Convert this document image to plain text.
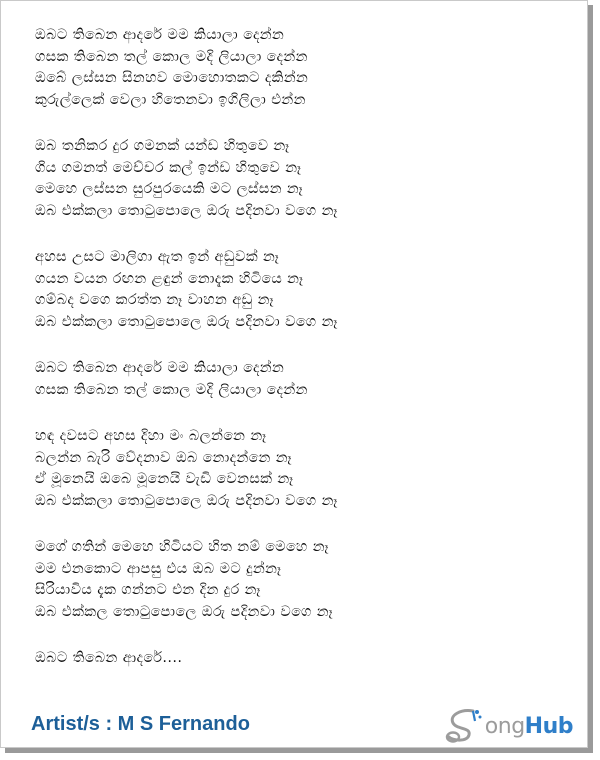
ඔබට තිබෙන ආදරේ මම කියාලා දෙන්න
ගසක තිබෙන තල් කොල මදි ලියාලා දෙන්න
ඔබේ ලස්සන සිනහව මොහොතකට දකින්න
කුරුල්ලෙක් වෙලා හිතෙනවා ඉගිලිලා එන්න
ඔබ තනිකර දුර ගමනක් යන්ඩ හිතුවෙ නෑ
ගිය ගමනත් මෙච්චර කල් ඉන්ඩ හිතුවෙ නෑ
මෙහෙ ලස්සන සුරපුරයෙකි මට ලස්සන නෑ
ඔබ එක්කලා තොටුපොලෙ ඔරු පදිනවා වගෙ නෑ
අහස උසට මාලිගා ඇත ඉන් අඩුවක් නෑ
ගයන වයන රඟන ළඳුන් නොදැක හිටියෙ නෑ
ගම්බද වගෙ කරත්ත නෑ වාහන අඩු නෑ
ඔබ එක්කලා තොටුපොලෙ ඔරු පදිනවා වගෙ නෑ
ඔබට තිබෙන ආදරේ මම කියාලා දෙන්න
ගසක තිබෙන තල් කොල මදි ලියාලා දෙන්න
හඳ දවසට අහස දිහා මං බලන්නෙ නෑ
බලන්න බැරි වේදනාව ඔබ නොදන්නෙ නෑ
ඒ මූනෙයි ඔබෙ මූනෙයි වැඩි වෙනසක් නෑ
ඔබ එක්කලා තොටුපොලෙ ඔරු පදිනවා වගෙ නෑ
මගේ ගතින් මෙහෙ හිටියට හිත නම් මෙහෙ නෑ
මම එනකොට ආපසු එය ඔබ මට දුන්නෑ
සිරියාවිය දැක ගන්නට එන දින දුර නෑ
ඔබ එක්කල තොටුපොලෙ ඔරු පදිනවා වගෙ නෑ
ඔබට තිබෙන ආදරේ....
Artist/s : M S Fernando	ongHub
